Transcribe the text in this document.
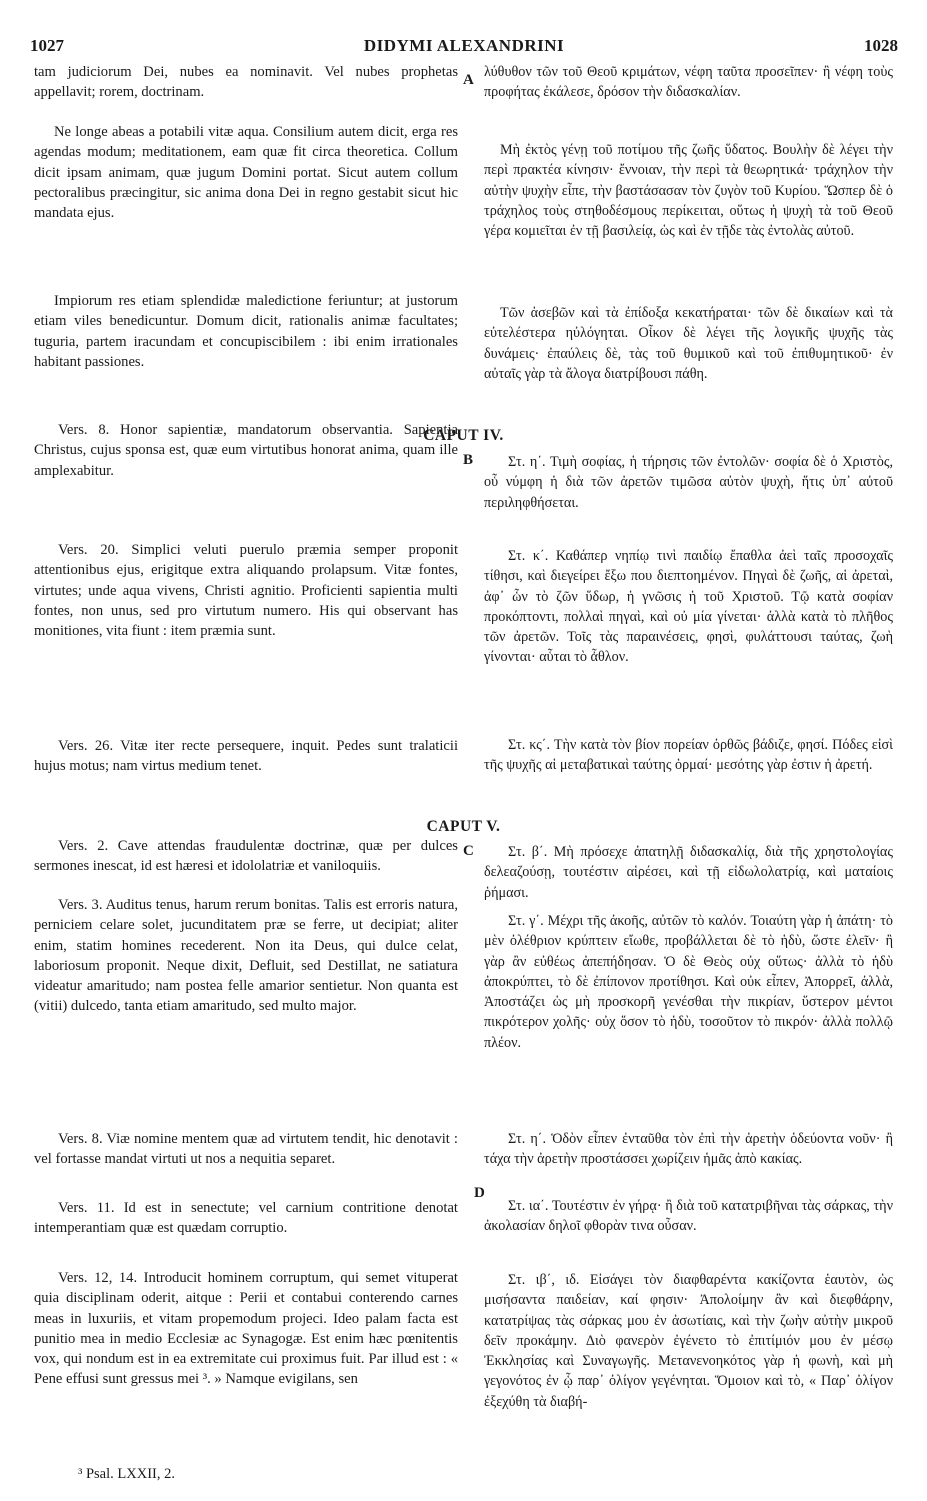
1027	DIDYMI ALEXANDRINI	1028

tam judiciorum Dei, nubes ea nominavit. Vel nubes prophetas appellavit; rorem, doctrinam.

Ne longe abeas a potabili vitæ aqua. Consilium autem dicit, erga res agendas modum; meditationem, eam quæ fit circa theoretica. Collum dicit ipsam animam, quæ jugum Domini portat. Sicut autem collum pectoralibus præcingitur, sic anima dona Dei in regno gestabit sicut hic mandata ejus.

Impiorum res etiam splendidæ maledictione feriuntur; at justorum etiam viles benedicuntur. Domum dicit, rationalis animæ facultates; tuguria, partem iracundam et concupiscibilem : ibi enim irrationales habitant passiones.

Vers. 8. Honor sapientiæ, mandatorum observantia. Sapientia Christus, cujus sponsa est, quæ eum virtutibus honorat anima, quam ille amplexabitur.

Vers. 20. Simplici veluti puerulo præmia semper proponit attentionibus ejus, erigitque extra aliquando prolapsum. Vitæ fontes, virtutes; unde aqua vivens, Christi agnitio. Proficienti sapientia multi fontes, non unus, sed pro virtutum numero. His qui observant has monitiones, vita fiunt : item præmia sunt.

Vers. 26. Vitæ iter recte persequere, inquit. Pedes sunt tralaticii hujus motus; nam virtus medium tenet.

Vers. 2. Cave attendas fraudulentæ doctrinæ, quæ per dulces sermones inescat, id est hæresi et idololatriæ et vaniloquiis.

Vers. 3. Auditus tenus, harum rerum bonitas. Talis est erroris natura, perniciem celare solet, jucunditatem præ se ferre, ut decipiat; aliter enim, statim homines recederent. Non ita Deus, qui dulce celat, laboriosum proponit. Neque dixit, Defluit, sed Destillat, ne satiatura videatur amaritudo; nam postea felle amarior sentietur. Non quanta est (vitii) dulcedo, tanta etiam amaritudo, sed multo major.

Vers. 8. Viæ nomine mentem quæ ad virtutem tendit, hic denotavit : vel fortasse mandat virtuti ut nos a nequitia separet.

Vers. 11. Id est in senectute; vel carnium contritione denotat intemperantiam quæ est quædam corruptio.

Vers. 12, 14. Introducit hominem corruptum, qui semet vituperat quia disciplinam oderit, aitque : Perii et contabui conterendo carnes meas in luxuriis, et vitam propemodum projeci. Ideo palam facta est punitio mea in medio Ecclesiæ ac Synagogæ. Est enim hæc pœnitentis vox, qui nondum est in ea extremitate cui proximus fuit. Par illud est : « Pene effusi sunt gressus mei ³. » Namque evigilans, sen

λύθυθον τῶν τοῦ Θεοῦ κριμάτων, νέφη ταῦτα προσεῖπεν· ἢ νέφη τοὺς προφήτας ἐκάλεσε, δρόσον τὴν διδασκαλίαν.

Μὴ ἐκτὸς γένῃ τοῦ ποτίμου τῆς ζωῆς ὕδατος. Βουλὴν δὲ λέγει τὴν περὶ πρακτέα κίνησιν· ἔννοιαν, τὴν περὶ τὰ θεωρητικά· τράχηλον τὴν αὐτὴν ψυχὴν εἶπε, τὴν βαστάσασαν τὸν ζυγὸν τοῦ Κυρίου. Ὥσπερ δὲ ὁ τράχηλος τοὺς στηθοδέσμους περίκειται, οὕτως ἡ ψυχὴ τὰ τοῦ Θεοῦ γέρα κομιεῖται ἐν τῇ βασιλείᾳ, ὡς καὶ ἐν τῇδε τὰς ἐντολὰς αὐτοῦ.

Τῶν ἀσεβῶν καὶ τὰ ἐπίδοξα κεκατήραται· τῶν δὲ δικαίων καὶ τὰ εὐτελέστερα ηὐλόγηται. Οἶκον δὲ λέγει τῆς λογικῆς ψυχῆς τὰς δυνάμεις· ἐπαύλεις δὲ, τὰς τοῦ θυμικοῦ καὶ τοῦ ἐπιθυμητικοῦ· ἐν αὐταῖς γὰρ τὰ ἄλογα διατρίβουσι πάθη.

Στ. η΄. Τιμὴ σοφίας, ἡ τήρησις τῶν ἐντολῶν· σοφία δὲ ὁ Χριστὸς, οὗ νύμφη ἡ διὰ τῶν ἀρετῶν τιμῶσα αὐτὸν ψυχὴ, ἥτις ὑπ᾽ αὐτοῦ περιληφθήσεται.

Στ. κ΄. Καθάπερ νηπίῳ τινὶ παιδίῳ ἔπαθλα ἀεὶ ταῖς προσοχαῖς τίθησι, καὶ διεγείρει ἔξω που διεπτοημένον. Πηγαὶ δὲ ζωῆς, αἱ ἀρεταὶ, ἀφ᾽ ὧν τὸ ζῶν ὕδωρ, ἡ γνῶσις ἡ τοῦ Χριστοῦ. Τῷ κατὰ σοφίαν προκόπτοντι, πολλαὶ πηγαὶ, καὶ οὐ μία γίνεται· ἀλλὰ κατὰ τὸ πλῆθος τῶν ἀρετῶν. Τοῖς τὰς παραινέσεις, φησὶ, φυλάττουσι ταύτας, ζωὴ γίνονται· αὗται τὸ ἆθλον.

Στ. κς΄. Τὴν κατὰ τὸν βίον πορείαν ὀρθῶς βάδιζε, φησί. Πόδες εἰσὶ τῆς ψυχῆς αἱ μεταβατικαὶ ταύτης ὁρμαί· μεσότης γὰρ ἐστιν ἡ ἀρετή.

Στ. β΄. Μὴ πρόσεχε ἀπατηλῇ διδασκαλίᾳ, διὰ τῆς χρηστολογίας δελεαζούσῃ, τουτέστιν αἱρέσει, καὶ τῇ εἰδωλολατρίᾳ, καὶ ματαίοις ῥήμασι.

Στ. γ΄. Μέχρι τῆς ἀκοῆς, αὐτῶν τὸ καλόν. Τοιαύτη γὰρ ἡ ἀπάτη· τὸ μὲν ὀλέθριον κρύπτειν εἴωθε, προβάλλεται δὲ τὸ ἡδὺ, ὥστε ἐλεῖν· ἢ γὰρ ἂν εὐθέως ἀπεπήδησαν. Ὁ δὲ Θεὸς οὐχ οὕτως· ἀλλὰ τὸ ἡδὺ ἀποκρύπτει, τὸ δὲ ἐπίπονον προτίθησι. Καὶ οὐκ εἶπεν, Ἀπορρεῖ, ἀλλὰ, Ἀποστάζει ὡς μὴ προσκορῆ γενέσθαι τὴν πικρίαν, ὕστερον μέντοι πικρότερον χολῆς· οὐχ ὅσον τὸ ἡδὺ, τοσοῦτον τὸ πικρόν· ἀλλὰ πολλῷ πλέον.

Στ. η΄. Ὁδὸν εἶπεν ἐνταῦθα τὸν ἐπὶ τὴν ἀρετὴν ὁδεύοντα νοῦν· ἢ τάχα τὴν ἀρετὴν προστάσσει χωρίζειν ἡμᾶς ἀπὸ κακίας.

Στ. ια΄. Τουτέστιν ἐν γήρᾳ· ἢ διὰ τοῦ κατατριβῆναι τὰς σάρκας, τὴν ἀκολασίαν δηλοῖ φθορὰν τινα οὖσαν.

Στ. ιβ΄, ιδ. Εἰσάγει τὸν διαφθαρέντα κακίζοντα ἑαυτὸν, ὡς μισήσαντα παιδείαν, καί φησιν· Ἀπολοίμην ἂν καὶ διεφθάρην, κατατρίψας τὰς σάρκας μου ἐν ἀσωτίαις, καὶ τὴν ζωὴν αὐτὴν μικροῦ δεῖν προκάμην. Διὸ φανερὸν ἐγένετο τὸ ἐπιτίμιόν μου ἐν μέσῳ Ἐκκλησίας καὶ Συναγωγῆς. Μετανενοηκότος γὰρ ἡ φωνὴ, καὶ μὴ γεγονότος ἐν ᾧ παρ᾽ ὀλίγον γεγένηται. Ὅμοιον καὶ τὸ, « Παρ᾽ ὀλίγον ἐξεχύθη τὰ διαβή-

CAPUT IV.
CAPUT V.
A
B
C
D
³ Psal. LXXII, 2.
